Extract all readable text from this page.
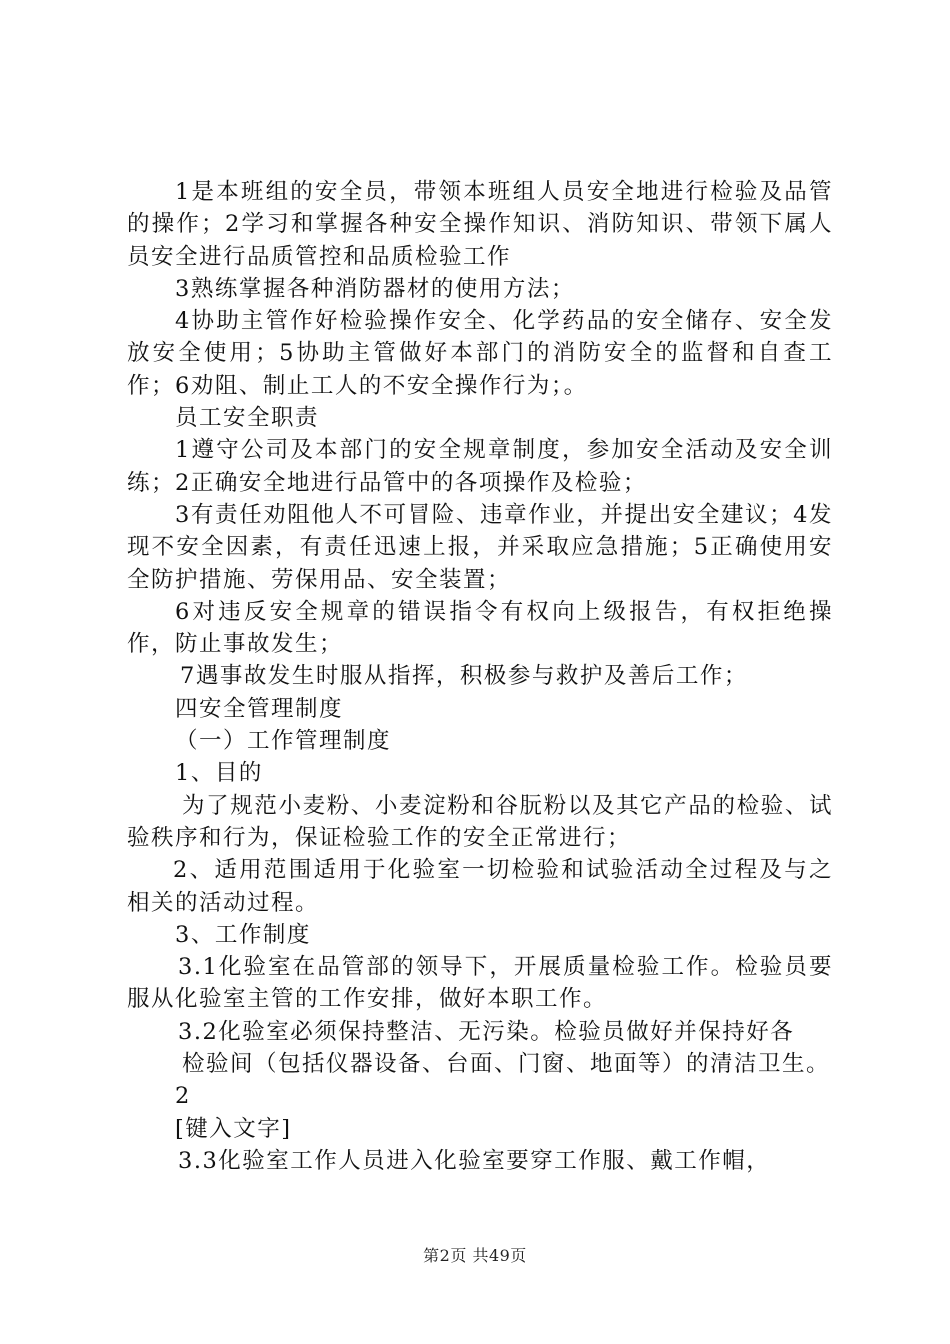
1是本班组的安全员，带领本班组人员安全地进行检验及品管的操作；2学习和掌握各种安全操作知识、消防知识、带领下属人员安全进行品质管控和品质检验工作

3熟练掌握各种消防器材的使用方法；

4协助主管作好检验操作安全、化学药品的安全储存、安全发放安全使用；5协助主管做好本部门的消防安全的监督和自查工作；6劝阻、制止工人的不安全操作行为；。

员工安全职责

1遵守公司及本部门的安全规章制度，参加安全活动及安全训练；2正确安全地进行品管中的各项操作及检验；

3有责任劝阻他人不可冒险、违章作业，并提出安全建议；4发现不安全因素，有责任迅速上报，并采取应急措施；5正确使用安全防护措施、劳保用品、安全装置；

6对违反安全规章的错误指令有权向上级报告，有权拒绝操作，防止事故发生；

7遇事故发生时服从指挥，积极参与救护及善后工作；

四安全管理制度

（一）工作管理制度

1、目的

为了规范小麦粉、小麦淀粉和谷朊粉以及其它产品的检验、试验秩序和行为，保证检验工作的安全正常进行；

2、适用范围适用于化验室一切检验和试验活动全过程及与之相关的活动过程。

3、工作制度

3.1化验室在品管部的领导下，开展质量检验工作。检验员要服从化验室主管的工作安排，做好本职工作。

3.2化验室必须保持整洁、无污染。检验员做好并保持好各

检验间（包括仪器设备、台面、门窗、地面等）的清洁卫生。

2

[键入文字]

3.3化验室工作人员进入化验室要穿工作服、戴工作帽，

第2页 共49页
